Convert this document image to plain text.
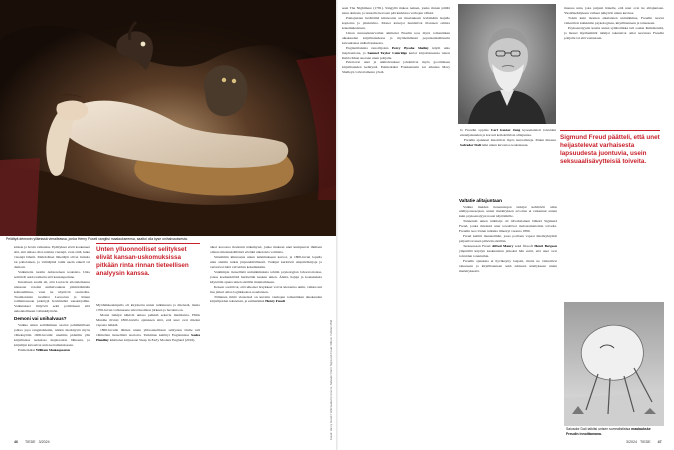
Pelättyä demonin ylläesssä vieraileassa, jonka Henry Fuseli vangitsi maalaukseensa, saattoi olla kyse unihalvauksesta.

kirkon ja hovin vaikuissa. Epäilykset eivät koskeneet sitä, että unissa olisi salaisia viestejä, vaan siitä, kuka viestejä lähetti. Mahdolliset lähettäjät olivat Jumala tai paholainen, ja välittäjänä toimi usein enkeli tai demoni.

Vaikutteita tuotiin Aristoteleen teoksista. Unia selittivät sekä raamattu että kansanperinne.

Innoitteen suomi eli, että Lucrecia silottelemansa unissaan voisinä unihalvauksia ymmärtämään kohtaamiinsa, vaan ne näyttivät saarnoilta. Tuomioistuin tuomitsi Lucrecian ja hänen toiminnassaan pidettyjä hovimiehiä sanakirjoihin. Vaikutukset liittyivät sekä poliittiseen että uskonnolliseen vallankäyttöön.

Demoni vai unihalvaus?

Vaikka unien selittäminen saattoi pahimmillaan johtaa jopa rangaistuksiin, niiden merkitystä myös väheksyttiin 1600-luvulla: unelmia pidettiin yhä kirjallisissa teoksissa inspiraation lähteenä, ja kirjailijat kuvasivat unia kertomuksissaan.

Esimerkiksi William Shakespearen

Unten ylluonnolliset selitykset elivät kansan-uskomuksissa pitkään rinta rinnan tieteellisen analyysin kanssa.

Myöhäiskeskiajalla oli kirjoitettu unien tulkinnasta ja mielestä, mutta 1700-luvun valistusaate siirsi huomion järkeen ja havaintoon.

Monet tutkijat näkivät unissa pelkkiä sekavia mielikuvia. Hilda Munthe tiivisti 1860-luvulla ajatuksen siitä, että unet ovat mielen vapaata leikkiä.

1860-luvulla lähtien unien yliluonnollisten selitysten tilalle tuli vähitellen tieteellisiä teorioita. Tutkimus kehittyi Englannissa Sasha Handley käsittelee kirjassaan Sleep in Early Modern England (2016).

alkoi korostaa modernit näkemyset, jonka mukaan unet kumpuavat ihmisen omista mielensisällöistä eivätkä ulkoisista voimista.

Sittemmin kiinnostus unien tutkimukseen kasvoi, ja 1800-luvun lopulla unia alettiin tutkia järjestelmällisesti. Tutkijat keräsivät unipäiväkirjoja ja vertasivat niitä valvetilan kokemuksiin.

Vanhimpia tieteellisiä unitutkimuksia tehtiin psykologian laboratorioissa, joissa koehenkilöitä herätettiin kesken unien. Ääniä, hajuja ja kosketuksia käytettiin apuna unien sisällön muuttamiseen.

Kokeet osoittivat, että ulkoiset ärsykkeet voivat kietoutua uniin, vaikka uni itse jatkui omaa logiikkaansa noudattaen.

Tällainen ilmiö viesteissä on kuvattu vanhojen romantiikan aikakauden kirjailijoiden teksteissä, ja esimerkiksi Henry Fuseli

46 TIEDE 3/2024
Kuvat: Henry Fuseli / Wikimedia Commons; Salvador Dalí / Sigmund Freud / Album / Ullstein Bild

seen The Nightmare (1781). Sängyllä makaa nainen, jonka rinnan päällä istuu demoni, ja taustalla hevosen pää kurkistaa verhojen välistä.

Painajaisten herättämä kiinnostus sai maalauksen leviämään laajalle kopioina ja pilakuvina. Monet katsojat tunnistivat tilanteen omista kokemuksistaan.

Unten runsaudenarvailun ammensi Fuselin teos myös romantiikan aikakauden kirjallisuudessa ja myöhemmissä populaarikulttuurin kuvauksissa unihalvauksesta.

Englantilaisista runoilijoista Percy Bysshe Shelley käytti unia inspiraationa, ja Samuel Taylor Coleridge kertoi kirjoittaneensa runon Kubla Khan suoraan unen pohjalta.

Pelottavat unet ja unihalvaukset johdattivat myös goottilaisen kirjallisuuden kehitystä. Esimerkiksi Frankenstein sai alkunsa Mary Shelleyn valvottamasta yöstä.

Valtatie alitajuntaan

Vaikka muiden tieteenalojen tutkijat kehittivät omia unihypoteesejaan, unien merkityksen arvoitus ei ratkennut ennen kuin psykoanalyysi nousi näyttämölle.

Tunnetuin unien tulkitsija oli itävaltalainen lääkäri Sigmund Freud, jonka mielestä unet toteuttivat tiedostamattomia toiveita. Freudin teos Unien tulkinta ilmestyi vuonna 1899.

Freud kehitti menetelmän, jossa potilaan vapaat mielleyhtymät paljastivat unen piilevän sisällön.

Teoksessaan Freud Alfred Maury sekä filosofi Henri Bergson ympärillä käydyn keskustelun jatkoksi hän esitti, että unet ovat toiveiden toteutumia.

Freudin ajatuksia ei hyväksytty laajasti, mutta ne vaikuttivat taiteeseen ja kirjallisuuteen sekä arkiseen käsitykseen unien merkityksestä.

Sigmund Freud päätteli, että unet heijastelevat varhaisesta lapsuudesta juontuvia, usein seksuaalisävytteisiä toiveita.

muassa unia, joka paljasti hänelle, että unet ovat tie alitajuntaan. Yksilökehityksen vaiheet näkyivät unien kuvissa.

Toisin kuin monien aikalaisten unitutkimus, Freudin teoriat vaikuttivat kaikkialle psykologiaan, kirjallisuuteen ja taiteeseen.

Psykoanalyysin kautta unien symboliikka tuli osaksi ihmistieteitä, ja monet myöhemmät tutkijat rakensivat omat teoriansa Freudin pohjalle tai sitä vastustaen.

Jo Freudin oppilas Carl Gustav Jung kyseenalaisti toiveiden ensisijaisuuden ja korosti kollektiivista alitajuntaa.

Freudin ajatukset innoittivat myös surrealisteja. Muun muassa Salvador Dalí tutki unien kuvastoa teoksissaan.

Salvador Dalí talkitsi unisen surrealististsa maalaukske Freudin innoittamana.
3/2024 TIEDE 47
